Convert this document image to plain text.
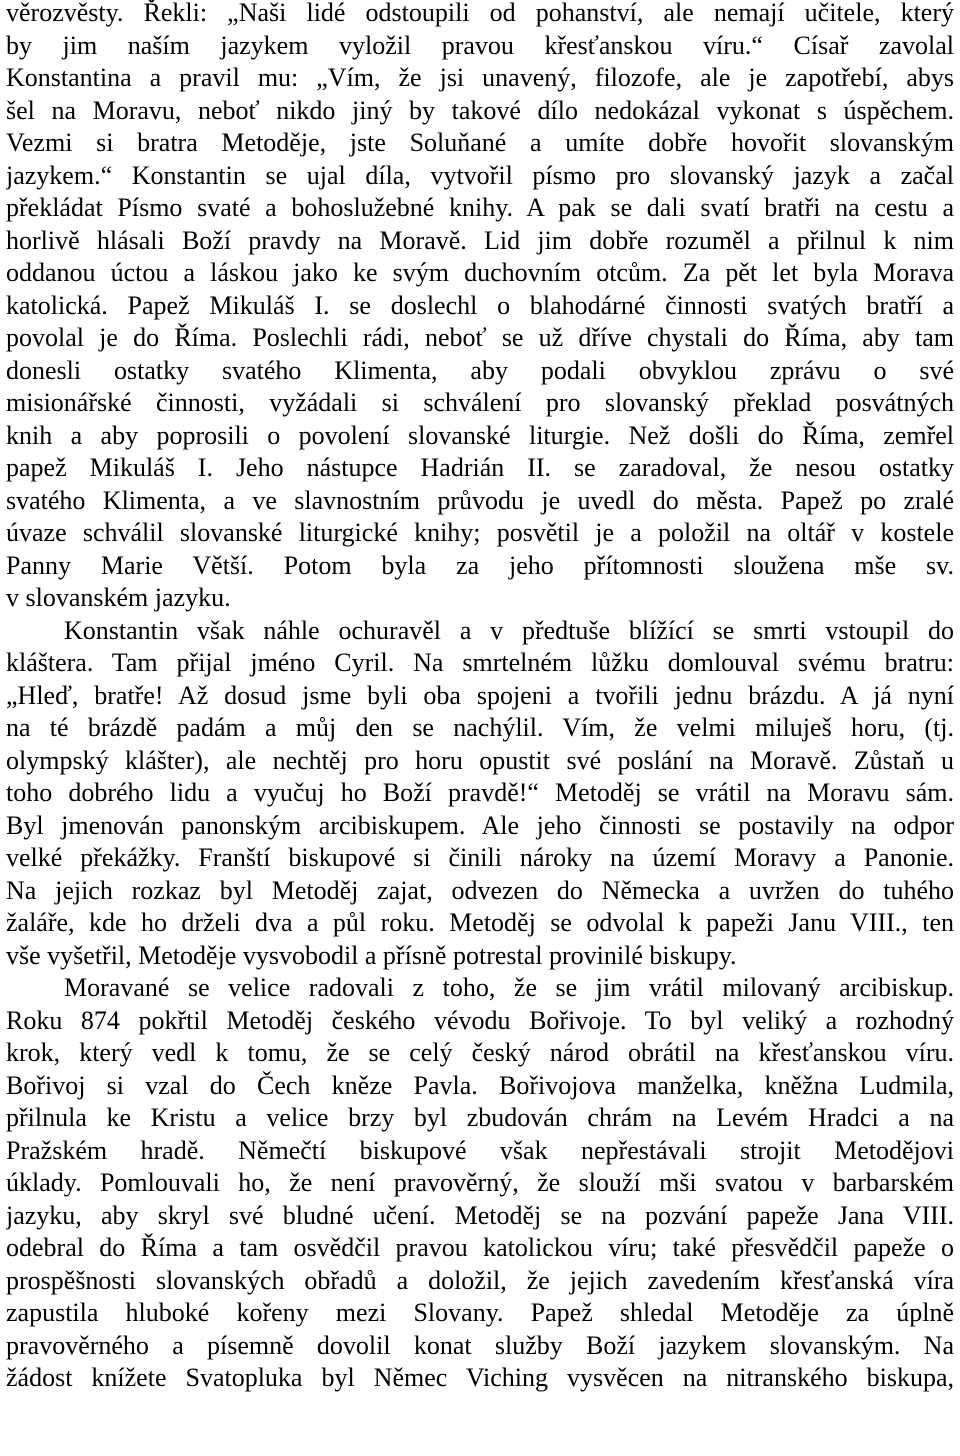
věrozvěsty. Řekli: „Naši lidé odstoupili od pohanství, ale nemají učitele, který
by jim naším jazykem vyložil pravou křesťanskou víru.“ Císař zavolal
Konstantina a pravil mu: „Vím, že jsi unavený, filozofe, ale je zapotřebí, abys
šel na Moravu, neboť nikdo jiný by takové dílo nedokázal vykonat s úspěchem.
Vezmi si bratra Metoděje, jste Soluňané a umíte dobře hovořit slovanským
jazykem.“ Konstantin se ujal díla, vytvořil písmo pro slovanský jazyk a začal
překládat Písmo svaté a bohoslužebné knihy. A pak se dali svatí bratři na cestu a
horlivě hlásali Boží pravdy na Moravě. Lid jim dobře rozuměl a přilnul k nim
oddanou úctou a láskou jako ke svým duchovním otcům. Za pět let byla Morava
katolická. Papež Mikuláš I. se doslechl o blahodárné činnosti svatých bratří a
povolal je do Říma. Poslechli rádi, neboť se už dříve chystali do Říma, aby tam
donesli ostatky svatého Klimenta, aby podali obvyklou zprávu o své
misionářské činnosti, vyžádali si schválení pro slovanský překlad posvátných
knih a aby poprosili o povolení slovanské liturgie. Než došli do Říma, zemřel
papež Mikuláš I. Jeho nástupce Hadrián II. se zaradoval, že nesou ostatky
svatého Klimenta, a ve slavnostním průvodu je uvedl do města. Papež po zralé
úvaze schválil slovanské liturgické knihy; posvětil je a položil na oltář v kostele
Panny Marie Větší. Potom byla za jeho přítomnosti sloužena mše sv.
v slovanském jazyku.
Konstantin však náhle ochuravěl a v předtuše blížící se smrti vstoupil do
kláštera. Tam přijal jméno Cyril. Na smrtelném lůžku domlouval svému bratru:
„Hleď, bratře! Až dosud jsme byli oba spojeni a tvořili jednu brázdu. A já nyní
na té brázdě padám a můj den se nachýlil. Vím, že velmi miluješ horu, (tj.
olympský klášter), ale nechtěj pro horu opustit své poslání na Moravě. Zůstaň u
toho dobrého lidu a vyučuj ho Boží pravdě!“ Metoděj se vrátil na Moravu sám.
Byl jmenován panonským arcibiskupem. Ale jeho činnosti se postavily na odpor
velké překážky. Franští biskupové si činili nároky na území Moravy a Panonie.
Na jejich rozkaz byl Metoděj zajat, odvezen do Německa a uvržen do tuhého
žaláře, kde ho drželi dva a půl roku. Metoděj se odvolal k papeži Janu VIII., ten
vše vyšetřil, Metoděje vysvobodil a přísně potrestal provinilé biskupy.
Moravané se velice radovali z toho, že se jim vrátil milovaný arcibiskup.
Roku 874 pokřtil Metoděj českého vévodu Bořivoje. To byl veliký a rozhodný
krok, který vedl k tomu, že se celý český národ obrátil na křesťanskou víru.
Bořivoj si vzal do Čech kněze Pavla. Bořivojova manželka, kněžna Ludmila,
přilnula ke Kristu a velice brzy byl zbudován chrám na Levém Hradci a na
Pražském hradě. Němečtí biskupové však nepřestávali strojit Metodějovi
úklady. Pomlouvali ho, že není pravověrný, že slouží mši svatou v barbarském
jazyku, aby skryl své bludné učení. Metoděj se na pozvání papeže Jana VIII.
odebral do Říma a tam osvědčil pravou katolickou víru; také přesvědčil papeže o
prospěšnosti slovanských obřadů a doložil, že jejich zavedením křesťanská víra
zapustila hluboké kořeny mezi Slovany. Papež shledal Metoděje za úplně
pravověrného a písemně dovolil konat služby Boží jazykem slovanským. Na
žádost knížete Svatopluka byl Němec Viching vysvěcen na nitranského biskupa,
